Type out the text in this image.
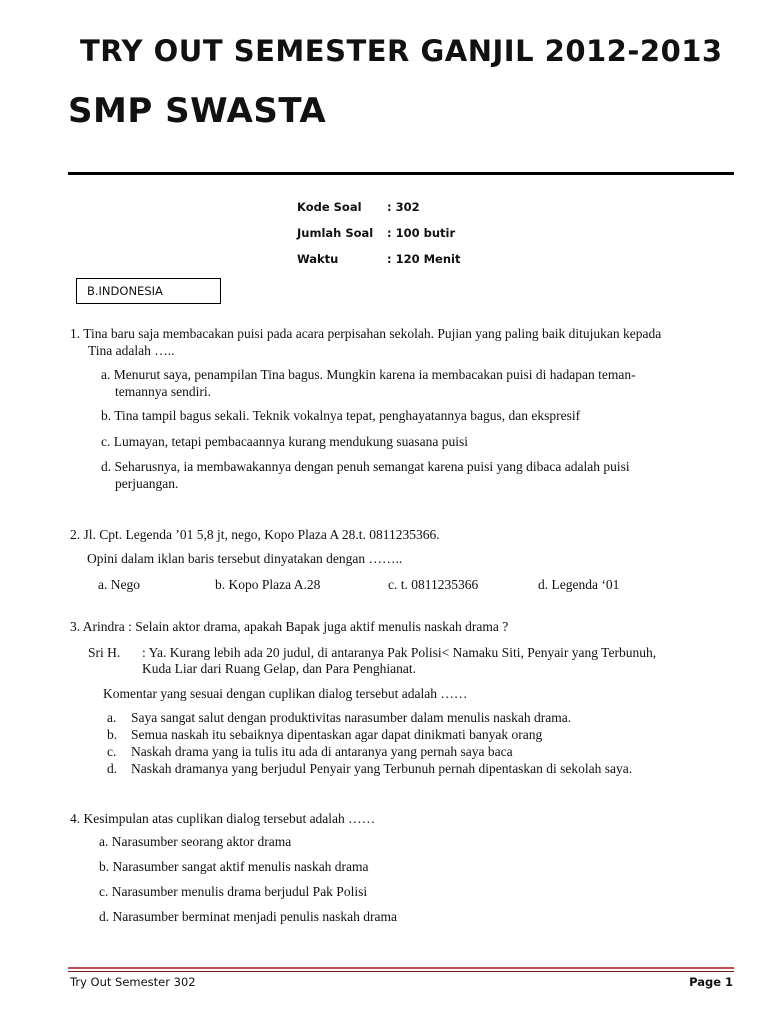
TRY OUT SEMESTER GANJIL 2012-2013
SMP SWASTA
Kode Soal : 302
Jumlah Soal : 100 butir
Waktu	: 120 Menit
B.INDONESIA
1. Tina baru saja membacakan puisi pada acara perpisahan sekolah. Pujian yang paling baik ditujukan kepada
Tina adalah …..
a. Menurut saya, penampilan Tina bagus. Mungkin karena ia membacakan puisi di hadapan teman-
temannya sendiri.
b. Tina tampil bagus sekali. Teknik vokalnya tepat, penghayatannya bagus, dan ekspresif
c. Lumayan, tetapi pembacaannya kurang mendukung suasana puisi
d. Seharusnya, ia membawakannya dengan penuh semangat karena puisi yang dibaca adalah puisi
perjuangan.
2. Jl. Cpt. Legenda ’01 5,8 jt, nego, Kopo Plaza A 28.t. 0811235366.
Opini dalam iklan baris tersebut dinyatakan dengan ……..
a. Nego	b. Kopo Plaza A.28	c. t. 0811235366	d. Legenda ‘01
3. Arindra : Selain aktor drama, apakah Bapak juga aktif menulis naskah drama ?
Sri H. : Ya. Kurang lebih ada 20 judul, di antaranya Pak Polisi< Namaku Siti, Penyair yang Terbunuh,
Kuda Liar dari Ruang Gelap, dan Para Penghianat.
Komentar yang sesuai dengan cuplikan dialog tersebut adalah ……
a. Saya sangat salut dengan produktivitas narasumber dalam menulis naskah drama.
b. Semua naskah itu sebaiknya dipentaskan agar dapat dinikmati banyak orang
c. Naskah drama yang ia tulis itu ada di antaranya yang pernah saya baca
d. Naskah dramanya yang berjudul Penyair yang Terbunuh pernah dipentaskan di sekolah saya.
4. Kesimpulan atas cuplikan dialog tersebut adalah ……
a. Narasumber seorang aktor drama
b. Narasumber sangat aktif menulis naskah drama
c. Narasumber menulis drama berjudul Pak Polisi
d. Narasumber berminat menjadi penulis naskah drama
Try Out Semester 302	Page 1
